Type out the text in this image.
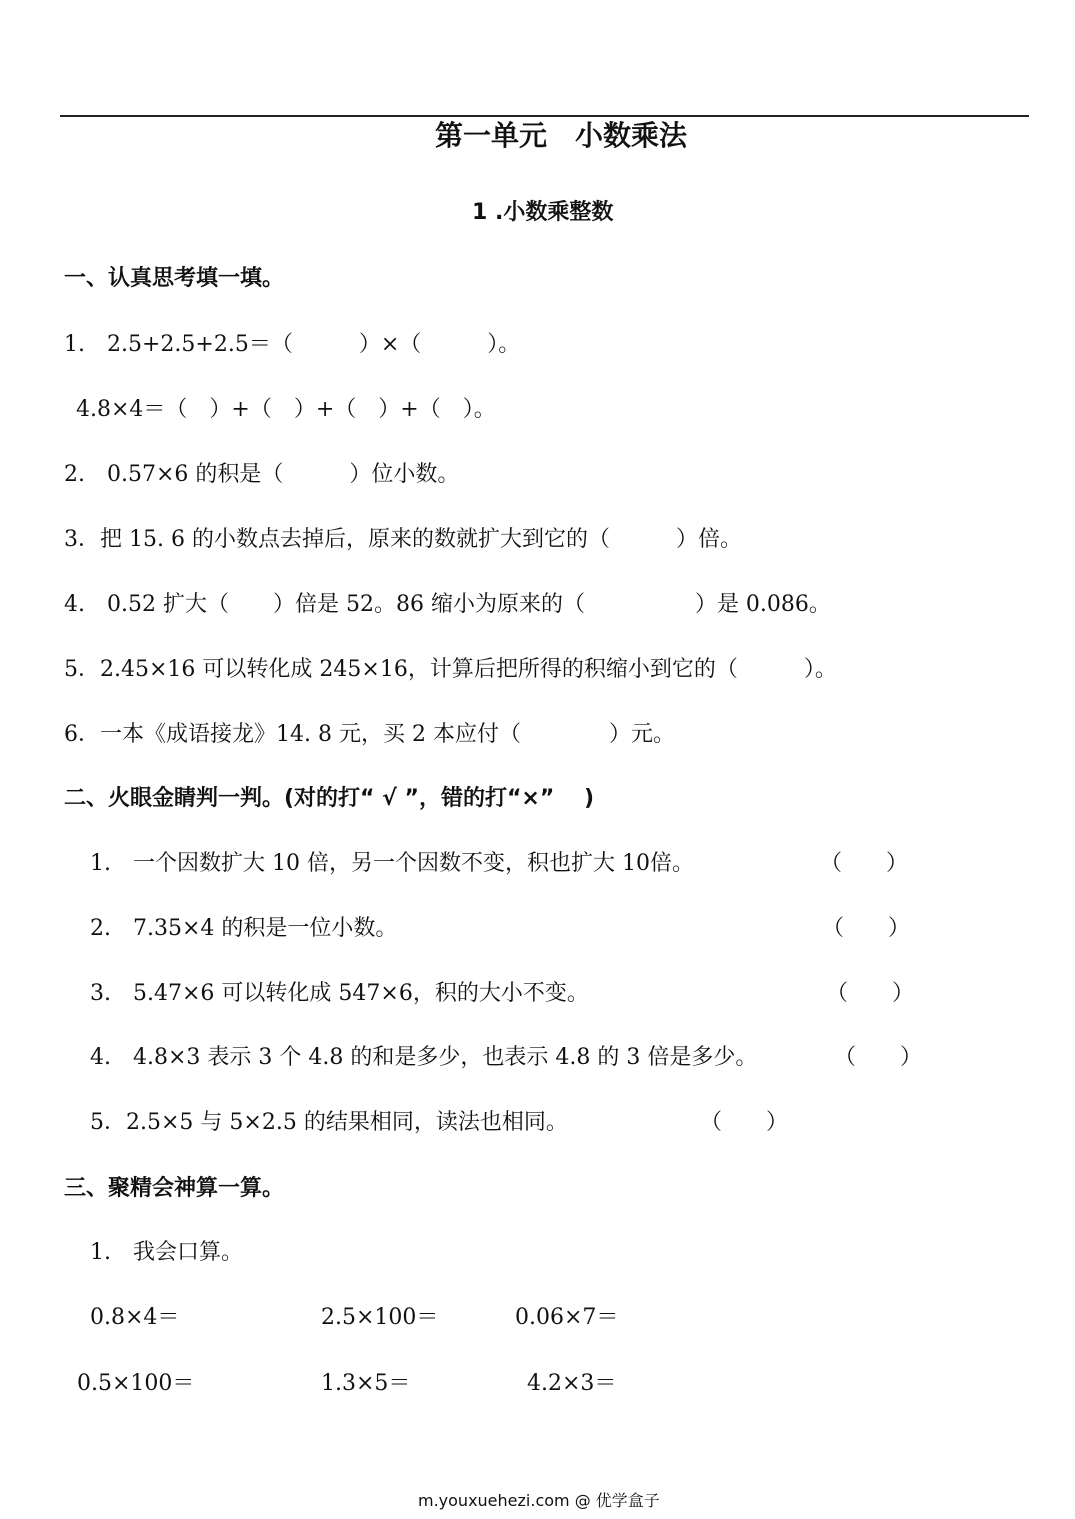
第一单元　小数乘法
1 .小数乘整数
一、认真思考填一填。
1.　2.5+2.5+2.5＝（　　　）×（　　　）。
4.8×4＝（　）+（　）+（　）+（　）。
2.　0.57×6 的积是（　　　）位小数。
3．把 15. 6 的小数点去掉后，原来的数就扩大到它的（　　　）倍。
4.　0.52 扩大（　　）倍是 52。86 缩小为原来的（　　　　　）是 0.086。
5．2.45×16 可以转化成 245×16，计算后把所得的积缩小到它的（　　　）。
6．一本《成语接龙》14. 8 元，买 2 本应付（　　　　）元。
二、火眼金睛判一判。(对的打“ √ ”，错的打“×”　 )
1.　一个因数扩大 10 倍，另一个因数不变，积也扩大 10倍。	（　　）
2.　7.35×4 的积是一位小数。	（　　）
3.　5.47×6 可以转化成 547×6，积的大小不变。	（　　）
4.　4.8×3 表示 3 个 4.8 的和是多少，也表示 4.8 的 3 倍是多少。	（　　）
5．2.5×5 与 5×2.5 的结果相同，读法也相同。	（　　）
三、聚精会神算一算。
1.　我会口算。
0.8×4＝	2.5×100＝	0.06×7＝
0.5×100＝	1.3×5＝	4.2×3＝
m.youxuehezi.com @ 优学盒子
